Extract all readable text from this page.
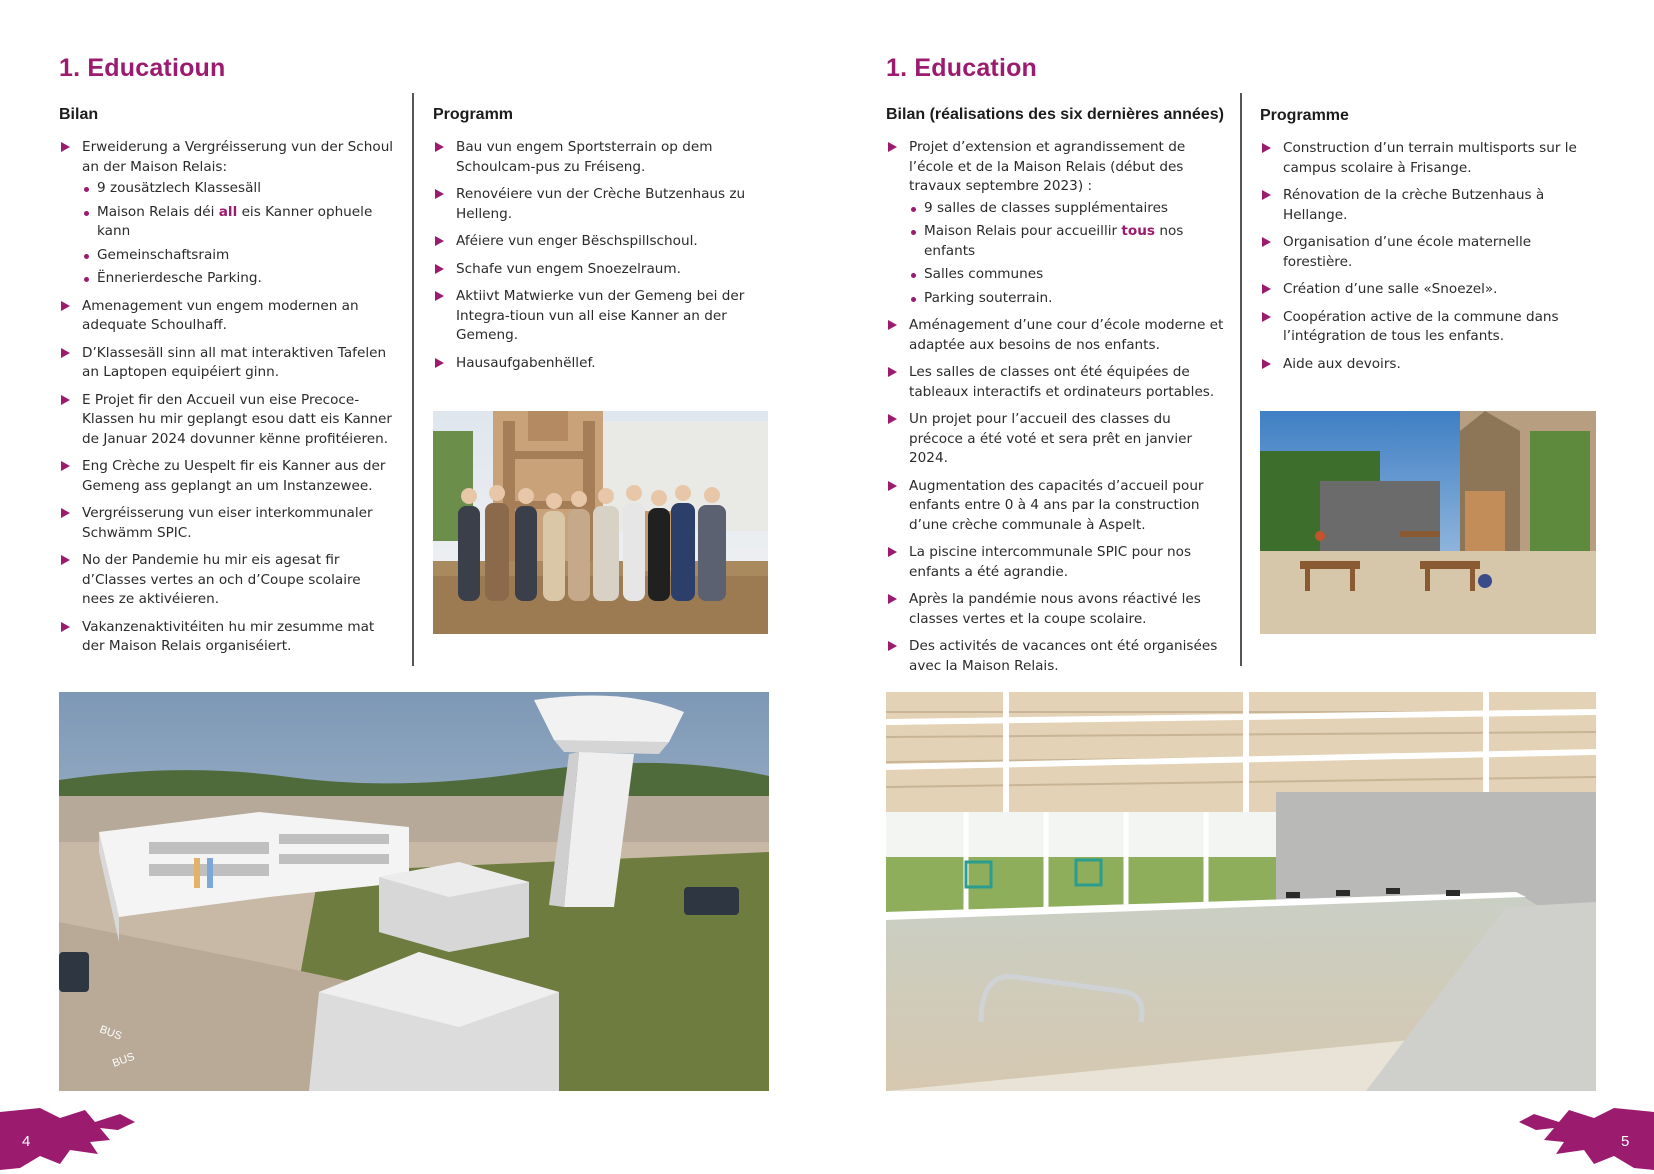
1. Educatioun
Bilan
Erweiderung a Vergréisserung vun der Schoul an der Maison Relais:
9 zousätzlech Klassesäll
Maison Relais déi all eis Kanner ophuele kann
Gemeinschaftsraim
Ënnerierdesche Parking.
Amenagement vun engem modernen an adequate Schoulhaff.
D’Klassesäll sinn all mat interaktiven Tafelen an Laptopen equipéiert ginn.
E Projet fir den Accueil vun eise Precoce-Klassen hu mir geplangt esou datt eis Kanner de Januar 2024 dovunner kënne profitéieren.
Eng Crèche zu Uespelt fir eis Kanner aus der Gemeng ass geplangt an um Instanzewee.
Vergréisserung vun eiser interkommunaler Schwämm SPIC.
No der Pandemie hu mir eis agesat fir d’Classes vertes an och d’Coupe scolaire nees ze aktivéieren.
Vakanzenaktivitéiten hu mir zesumme mat der Maison Relais organiséiert.
Programm
Bau vun engem Sportsterrain op dem Schoulcam-pus zu Fréiseng.
Renovéiere vun der Crèche Butzenhaus zu Helleng.
Aféiere vun enger Bëschspillschoul.
Schafe vun engem Snoezelraum.
Aktiivt Matwierke vun der Gemeng bei der Integra-tioun vun all eise Kanner an der Gemeng.
Hausaufgabenhëllef.
BUS
BUS
4
1. Education
Bilan (réalisations des six dernières années)
Projet d’extension et agrandissement de l’école et de la Maison Relais (début des travaux septembre 2023) :
9 salles de classes supplémentaires
Maison Relais pour accueillir tous nos enfants
Salles communes
Parking souterrain.
Aménagement d’une cour d’école moderne et adaptée aux besoins de nos enfants.
Les salles de classes ont été équipées de tableaux interactifs et ordinateurs portables.
Un projet pour l’accueil des classes du précoce a été voté et sera prêt en janvier 2024.
Augmentation des capacités d’accueil pour enfants entre 0 à 4 ans par la construction d’une crèche communale à Aspelt.
La piscine intercommunale SPIC pour nos enfants a été agrandie.
Après la pandémie nous avons réactivé les classes vertes et la coupe scolaire.
Des activités de vacances ont été organisées avec la Maison Relais.
Programme
Construction d’un terrain multisports sur le campus scolaire à Frisange.
Rénovation de la crèche Butzenhaus à Hellange.
Organisation d’une école maternelle forestière.
Création d’une salle «Snoezel».
Coopération active de la commune dans l’intégration de tous les enfants.
Aide aux devoirs.
5
